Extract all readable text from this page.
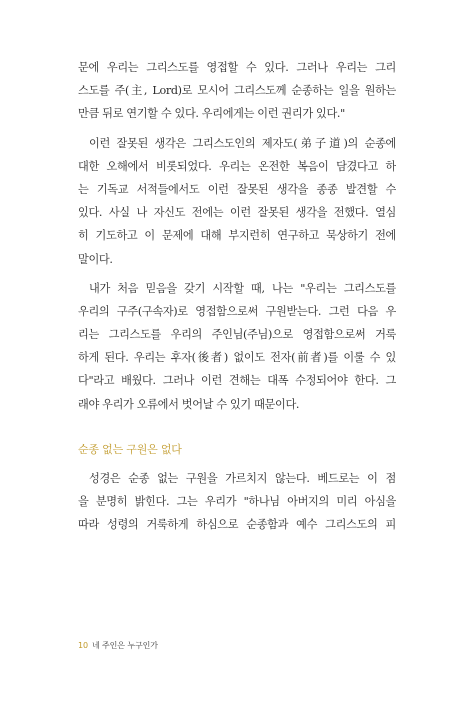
문에 우리는 그리스도를 영접할 수 있다. 그러나 우리는 그리
스도를 주(主, Lord)로 모시어 그리스도께 순종하는 일을 원하는
만큼 뒤로 연기할 수 있다. 우리에게는 이런 권리가 있다."
이런 잘못된 생각은 그리스도인의 제자도(弟子道)의 순종에
대한 오해에서 비롯되었다. 우리는 온전한 복음이 담겼다고 하
는 기독교 서적들에서도 이런 잘못된 생각을 종종 발견할 수
있다. 사실 나 자신도 전에는 이런 잘못된 생각을 전했다. 열심
히 기도하고 이 문제에 대해 부지런히 연구하고 묵상하기 전에
말이다.
내가 처음 믿음을 갖기 시작할 때, 나는 "우리는 그리스도를
우리의 구주(구속자)로 영접함으로써 구원받는다. 그런 다음 우
리는 그리스도를 우리의 주인님(주님)으로 영접함으로써 거룩
하게 된다. 우리는 후자(後者) 없이도 전자(前者)를 이룰 수 있
다"라고 배웠다. 그러나 이런 견해는 대폭 수정되어야 한다. 그
래야 우리가 오류에서 벗어날 수 있기 때문이다.
순종 없는 구원은 없다
성경은 순종 없는 구원을 가르치지 않는다. 베드로는 이 점
을 분명히 밝힌다. 그는 우리가 "하나님 아버지의 미리 아심을
따라 성령의 거룩하게 하심으로 순종함과 예수 그리스도의 피
10 네 주인은 누구인가
